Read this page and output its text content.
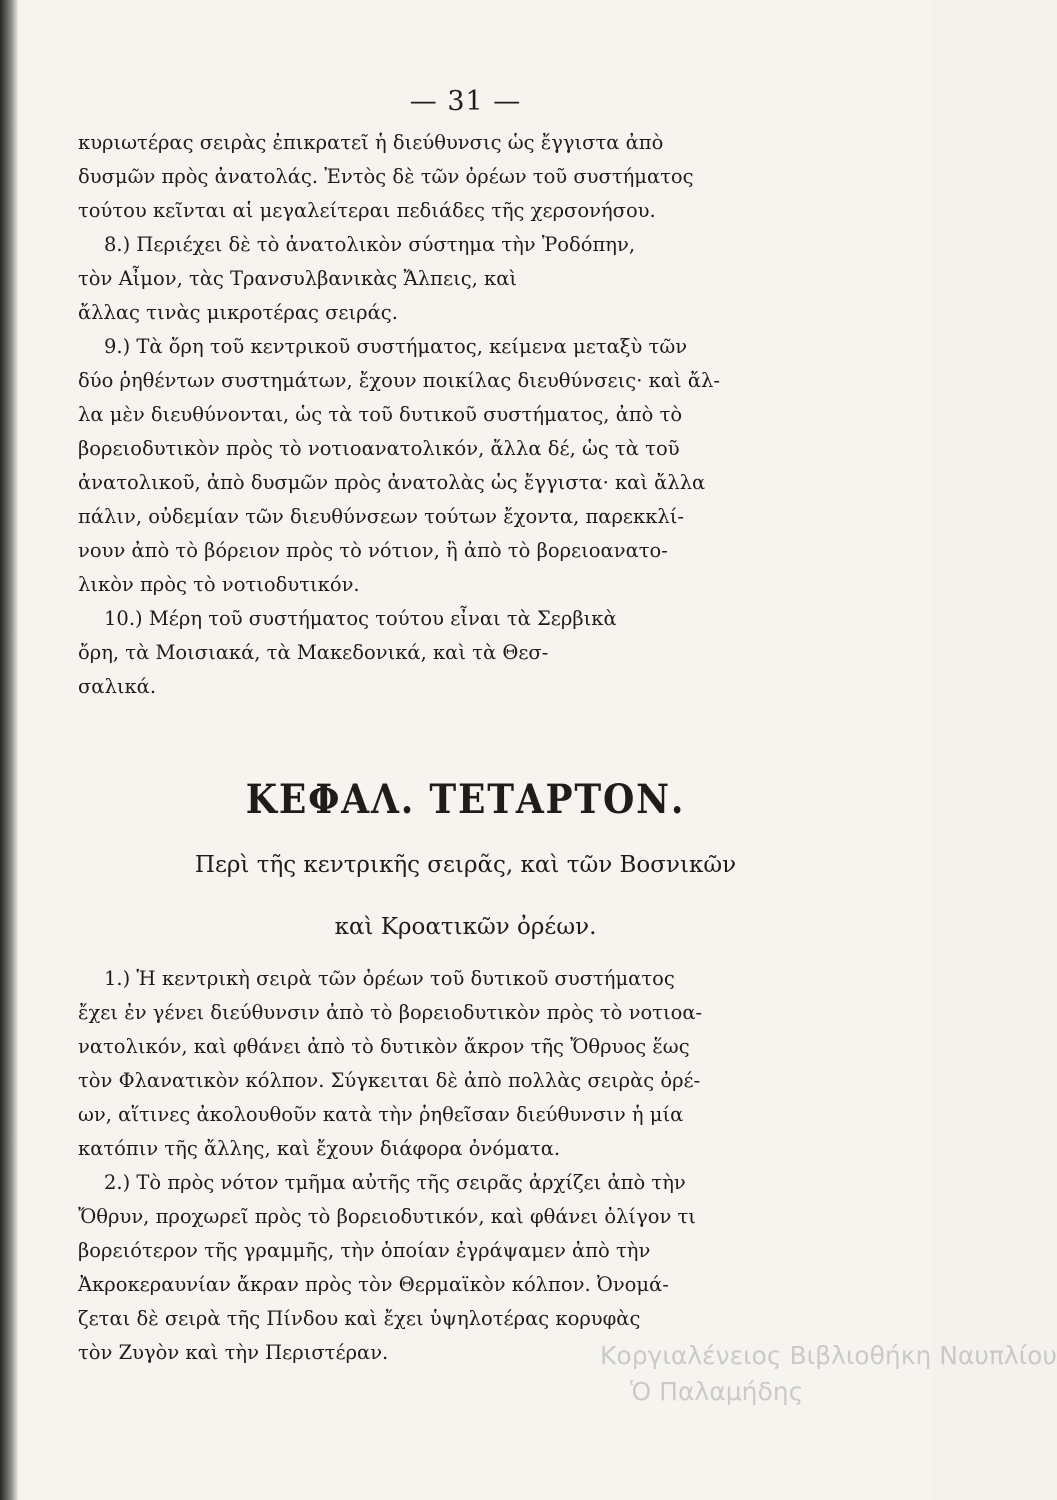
— 31 —
κυριωτέρας σειρὰς ἐπικρατεῖ ἡ διεύθυνσις ὡς ἔγγιστα ἀπὸ
δυσμῶν πρὸς ἀνατολάς. Ἐντὸς δὲ τῶν ὀρέων τοῦ συστήματος
τούτου κεῖνται αἱ μεγαλείτεραι πεδιάδες τῆς χερσονήσου.
8.) Περιέχει δὲ τὸ ἀνατολικὸν σύστημα τὴν Ῥοδόπην,
τὸν Αἶμον, τὰς Τρανσυλβανικὰς Ἄλπεις, καὶ
ἄλλας τινὰς μικροτέρας σειράς.
9.) Τὰ ὄρη τοῦ κεντρικοῦ συστήματος, κείμενα μεταξὺ τῶν
δύο ῥηθέντων συστημάτων, ἔχουν ποικίλας διευθύνσεις· καὶ ἄλ-
λα μὲν διευθύνονται, ὡς τὰ τοῦ δυτικοῦ συστήματος, ἀπὸ τὸ
βορειοδυτικὸν πρὸς τὸ νοτιοανατολικόν, ἄλλα δέ, ὡς τὰ τοῦ
ἀνατολικοῦ, ἀπὸ δυσμῶν πρὸς ἀνατολὰς ὡς ἔγγιστα· καὶ ἄλλα
πάλιν, οὐδεμίαν τῶν διευθύνσεων τούτων ἔχοντα, παρεκκλί-
νουν ἀπὸ τὸ βόρειον πρὸς τὸ νότιον, ἢ ἀπὸ τὸ βορειοανατο-
λικὸν πρὸς τὸ νοτιοδυτικόν.
10.) Μέρη τοῦ συστήματος τούτου εἶναι τὰ Σερβικὰ
ὄρη, τὰ Μοισιακά, τὰ Μακεδονικά, καὶ τὰ Θεσ-
σαλικά.
ΚΕΦΑΛ. ΤΕΤΑΡΤΟΝ.
Περὶ τῆς κεντρικῆς σειρᾶς, καὶ τῶν Βοσνικῶν
καὶ Κροατικῶν ὀρέων.
1.) Ἡ κεντρικὴ σειρὰ τῶν ὀρέων τοῦ δυτικοῦ συστήματος
ἔχει ἐν γένει διεύθυνσιν ἀπὸ τὸ βορειοδυτικὸν πρὸς τὸ νοτιοα-
νατολικόν, καὶ φθάνει ἀπὸ τὸ δυτικὸν ἄκρον τῆς Ὄθρυος ἕως
τὸν Φλανατικὸν κόλπον. Σύγκειται δὲ ἀπὸ πολλὰς σειρὰς ὀρέ-
ων, αἵτινες ἀκολουθοῦν κατὰ τὴν ῥηθεῖσαν διεύθυνσιν ἡ μία
κατόπιν τῆς ἄλλης, καὶ ἔχουν διάφορα ὀνόματα.
2.) Τὸ πρὸς νότον τμῆμα αὐτῆς τῆς σειρᾶς ἀρχίζει ἀπὸ τὴν
Ὄθρυν, προχωρεῖ πρὸς τὸ βορειοδυτικόν, καὶ φθάνει ὀλίγον τι
βορειότερον τῆς γραμμῆς, τὴν ὁποίαν ἐγράψαμεν ἀπὸ τὴν
Ἀκροκεραυνίαν ἄκραν πρὸς τὸν Θερμαϊκὸν κόλπον. Ὀνομά-
ζεται δὲ σειρὰ τῆς Πίνδου καὶ ἔχει ὑψηλοτέρας κορυφὰς
τὸν Ζυγὸν καὶ τὴν Περιστέραν.	Κοργιαλένειος Βιβλιοθήκη Ναυπλίου
Ὁ Παλαμήδης
